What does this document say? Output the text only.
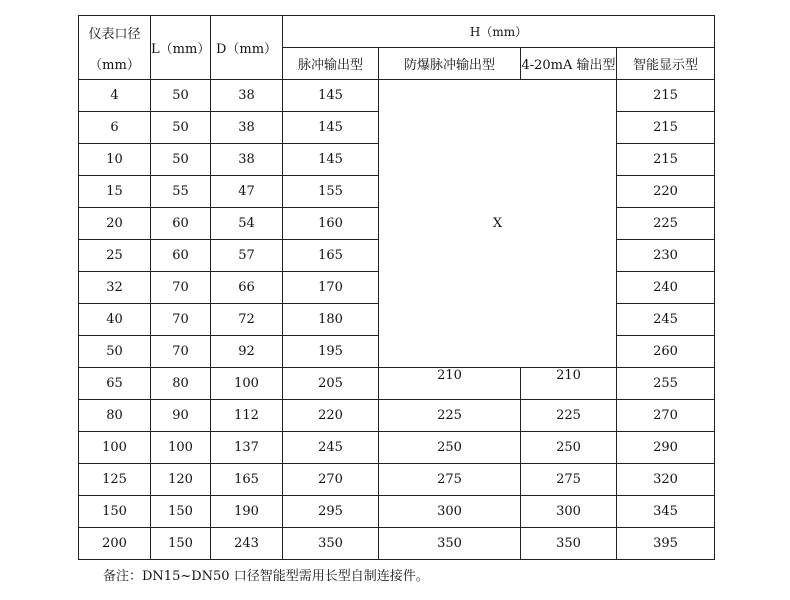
仪表口径
（mm）	L（mm）	D（mm）	H（mm）			
			脉冲输出型	防爆脉冲输出型	4-20mA 输出型	智能显示型
4	50	38	145	X		215
6	50	38	145			215
10	50	38	145			215
15	55	47	155			220
20	60	54	160			225
25	60	57	165			230
32	70	66	170			240
40	70	72	180			245
50	70	92	195			260
65	80	100	205	210	210	255
80	90	112	220	225	225	270
100	100	137	245	250	250	290
125	120	165	270	275	275	320
150	150	190	295	300	300	345
200	150	243	350	350	350	395
备注：DN15~DN50 口径智能型需用长型自制连接件。
